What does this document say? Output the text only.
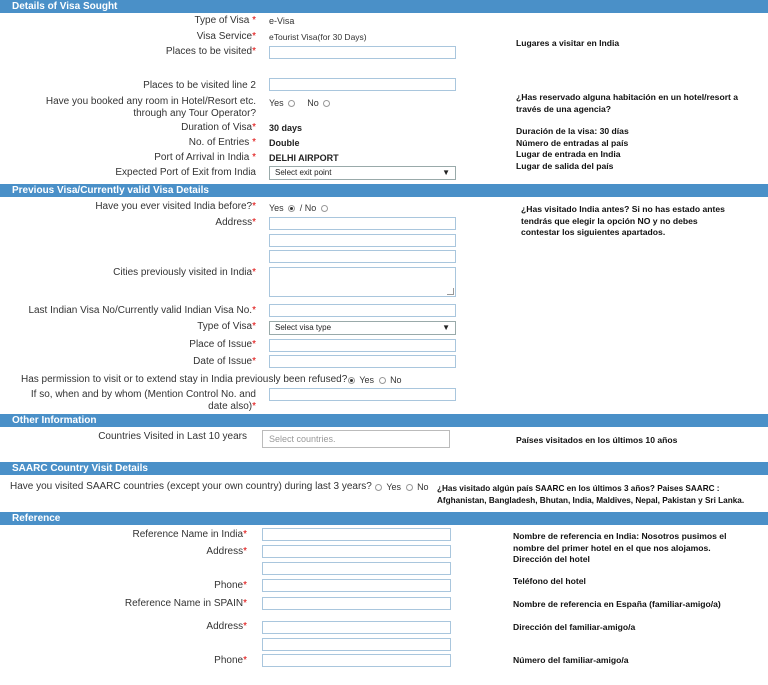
Details of Visa Sought
Type of Visa * e-Visa
Visa Service* eTourist Visa(for 30 Days)
Places to be visited*
Places to be visited line 2
Have you booked any room in Hotel/Resort etc.
through any Tour Operator?
Yes	No
Duration of Visa* 30 days
No. of Entries * Double
Port of Arrival in India * DELHI AIRPORT
Expected Port of Exit from India	Select exit point	▼
Previous Visa/Currently valid Visa Details
Have you ever visited India before?* Yes / No
Address*
Cities previously visited in India*
Last Indian Visa No/Currently valid Indian Visa No.*
Type of Visa*	Select visa type	▼
Place of Issue*
Date of Issue*
Has permission to visit or to extend stay in India previously been refused?	Yes No
If so, when and by whom (Mention Control No. and
date also)*
Other Information
Countries Visited in Last 10 years	Select countries.
SAARC Country Visit Details
Have you visited SAARC countries (except your own country) during last 3 years?	Yes No
Reference
Reference Name in India*
Address*
Phone*
Reference Name in SPAIN*
Address*
Phone*
Lugares a visitar en India
¿Has reservado alguna habitación en un hotel/resort a
través de una agencia?
Duración de la visa: 30 días
Número de entradas al país
Lugar de entrada en India
Lugar de salida del país
¿Has visitado India antes? Si no has estado antes
tendrás que elegir la opción NO y no debes
contestar los siguientes apartados.
Países visitados en los últimos 10 años
¿Has visitado algún país SAARC en los últimos 3 años? Paises SAARC :
Afghanistan, Bangladesh, Bhutan, India, Maldives, Nepal, Pakistan y Sri Lanka.
Nombre de referencia en India: Nosotros pusimos el
nombre del primer hotel en el que nos alojamos.
Dirección del hotel
Teléfono del hotel
Nombre de referencia en España (familiar-amigo/a)
Dirección del familiar-amigo/a
Número del familiar-amigo/a
